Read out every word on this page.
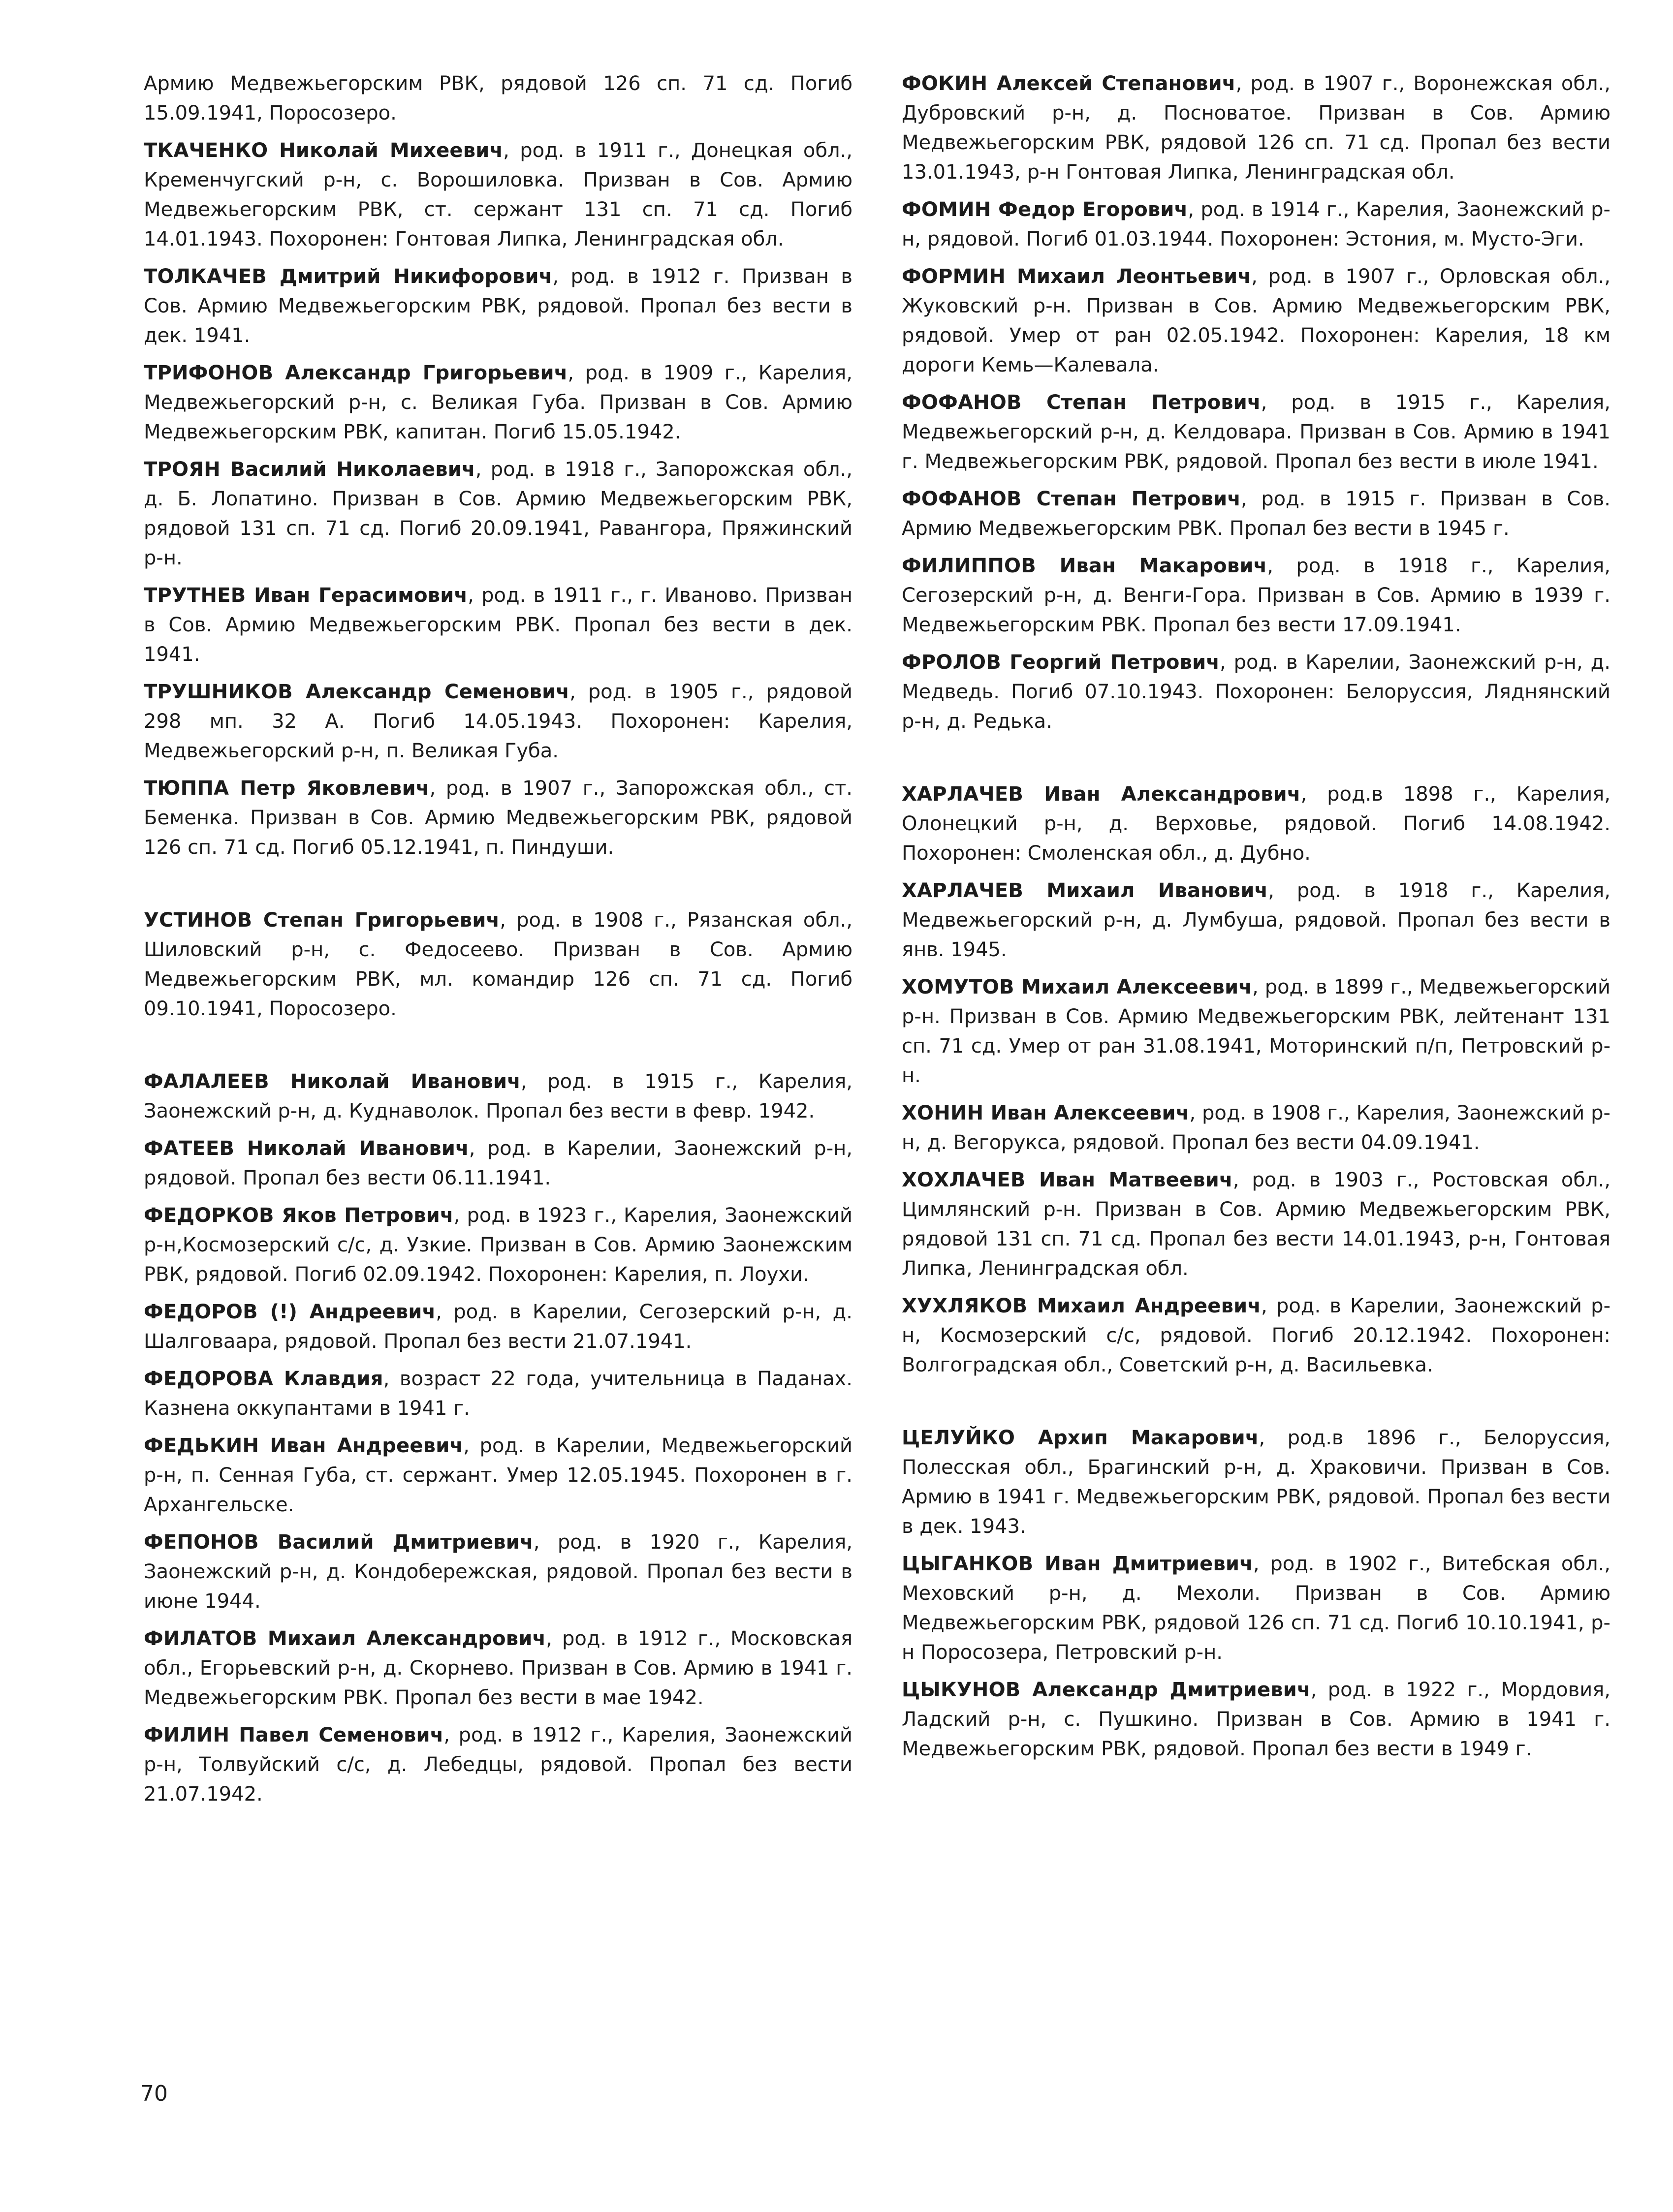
Армию Медвежьегорским РВК, рядовой 126 сп. 71 сд. Погиб 15.09.1941, Поросозеро.

ТКАЧЕНКО Николай Михеевич, род. в 1911 г., Донецкая обл., Кременчугский р-н, с. Ворошиловка. Призван в Сов. Армию Медвежьегорским РВК, ст. сержант 131 сп. 71 сд. Погиб 14.01.1943. Похоронен: Гонтовая Липка, Ленинградская обл.

ТОЛКАЧЕВ Дмитрий Никифорович, род. в 1912 г. Призван в Сов. Армию Медвежьегорским РВК, рядовой. Пропал без вести в дек. 1941.

ТРИФОНОВ Александр Григорьевич, род. в 1909 г., Карелия, Медвежьегорский р-н, с. Великая Губа. Призван в Сов. Армию Медвежьегорским РВК, капитан. Погиб 15.05.1942.

ТРОЯН Василий Николаевич, род. в 1918 г., Запорожская обл., д. Б. Лопатино. Призван в Сов. Армию Медвежьегорским РВК, рядовой 131 сп. 71 сд. Погиб 20.09.1941, Равангора, Пряжинский р-н.

ТРУТНЕВ Иван Герасимович, род. в 1911 г., г. Иваново. Призван в Сов. Армию Медвежьегорским РВК. Пропал без вести в дек. 1941.

ТРУШНИКОВ Александр Семенович, род. в 1905 г., рядовой 298 мп. 32 А. Погиб 14.05.1943. Похоронен: Карелия, Медвежьегорский р-н, п. Великая Губа.

ТЮППА Петр Яковлевич, род. в 1907 г., Запорожская обл., ст. Беменка. Призван в Сов. Армию Медвежьегорским РВК, рядовой 126 сп. 71 сд. Погиб 05.12.1941, п. Пиндуши.

УСТИНОВ Степан Григорьевич, род. в 1908 г., Рязанская обл., Шиловский р-н, с. Федосеево. Призван в Сов. Армию Медвежьегорским РВК, мл. командир 126 сп. 71 сд. Погиб 09.10.1941, Поросозеро.

ФАЛАЛЕЕВ Николай Иванович, род. в 1915 г., Карелия, Заонежский р-н, д. Куднаволок. Пропал без вести в февр. 1942.

ФАТЕЕВ Николай Иванович, род. в Карелии, Заонежский р-н, рядовой. Пропал без вести 06.11.1941.

ФЕДОРКОВ Яков Петрович, род. в 1923 г., Карелия, Заонежский р-н,Космозерский с/с, д. Узкие. Призван в Сов. Армию Заонежским РВК, рядовой. Погиб 02.09.1942. Похоронен: Карелия, п. Лоухи.

ФЕДОРОВ (!) Андреевич, род. в Карелии, Сегозерский р-н, д. Шалговаара, рядовой. Пропал без вести 21.07.1941.

ФЕДОРОВА Клавдия, возраст 22 года, учительница в Паданах. Казнена оккупантами в 1941 г.

ФЕДЬКИН Иван Андреевич, род. в Карелии, Медвежьегорский р-н, п. Сенная Губа, ст. сержант. Умер 12.05.1945. Похоронен в г. Архангельске.

ФЕПОНОВ Василий Дмитриевич, род. в 1920 г., Карелия, Заонежский р-н, д. Кондобережская, рядовой. Пропал без вести в июне 1944.

ФИЛАТОВ Михаил Александрович, род. в 1912 г., Московская обл., Егорьевский р-н, д. Скорнево. Призван в Сов. Армию в 1941 г. Медвежьегорским РВК. Пропал без вести в мае 1942.

ФИЛИН Павел Семенович, род. в 1912 г., Карелия, Заонежский р-н, Толвуйский с/с, д. Лебедцы, рядовой. Пропал без вести 21.07.1942.

ФОКИН Алексей Степанович, род. в 1907 г., Воронежская обл., Дубровский р-н, д. Посноватое. Призван в Сов. Армию Медвежьегорским РВК, рядовой 126 сп. 71 сд. Пропал без вести 13.01.1943, р-н Гонтовая Липка, Ленинградская обл.

ФОМИН Федор Егорович, род. в 1914 г., Карелия, Заонежский р-н, рядовой. Погиб 01.03.1944. Похоронен: Эстония, м. Мусто-Эги.

ФОРМИН Михаил Леонтьевич, род. в 1907 г., Орловская обл., Жуковский р-н. Призван в Сов. Армию Медвежьегорским РВК, рядовой. Умер от ран 02.05.1942. Похоронен: Карелия, 18 км дороги Кемь—Калевала.

ФОФАНОВ Степан Петрович, род. в 1915 г., Карелия, Медвежьегорский р-н, д. Келдовара. Призван в Сов. Армию в 1941 г. Медвежьегорским РВК, рядовой. Пропал без вести в июле 1941.

ФОФАНОВ Степан Петрович, род. в 1915 г. Призван в Сов. Армию Медвежьегорским РВК. Пропал без вести в 1945 г.

ФИЛИППОВ Иван Макарович, род. в 1918 г., Карелия, Сегозерский р-н, д. Венги-Гора. Призван в Сов. Армию в 1939 г. Медвежьегорским РВК. Пропал без вести 17.09.1941.

ФРОЛОВ Георгий Петрович, род. в Карелии, Заонежский р-н, д. Медведь. Погиб 07.10.1943. Похоронен: Белоруссия, Ляднянский р-н, д. Редька.

ХАРЛАЧЕВ Иван Александрович, род.в 1898 г., Карелия, Олонецкий р-н, д. Верховье, рядовой. Погиб 14.08.1942. Похоронен: Смоленская обл., д. Дубно.

ХАРЛАЧЕВ Михаил Иванович, род. в 1918 г., Карелия, Медвежьегорский р-н, д. Лумбуша, рядовой. Пропал без вести в янв. 1945.

ХОМУТОВ Михаил Алексеевич, род. в 1899 г., Медвежьегорский р-н. Призван в Сов. Армию Медвежьегорским РВК, лейтенант 131 сп. 71 сд. Умер от ран 31.08.1941, Моторинский п/п, Петровский р-н.

ХОНИН Иван Алексеевич, род. в 1908 г., Карелия, Заонежский р-н, д. Вегорукса, рядовой. Пропал без вести 04.09.1941.

ХОХЛАЧЕВ Иван Матвеевич, род. в 1903 г., Ростовская обл., Цимлянский р-н. Призван в Сов. Армию Медвежьегорским РВК, рядовой 131 сп. 71 сд. Пропал без вести 14.01.1943, р-н, Гонтовая Липка, Ленинградская обл.

ХУХЛЯКОВ Михаил Андреевич, род. в Карелии, Заонежский р-н, Космозерский с/с, рядовой. Погиб 20.12.1942. Похоронен: Волгоградская обл., Советский р-н, д. Васильевка.

ЦЕЛУЙКО Архип Макарович, род.в 1896 г., Белоруссия, Полесская обл., Брагинский р-н, д. Храковичи. Призван в Сов. Армию в 1941 г. Медвежьегорским РВК, рядовой. Пропал без вести в дек. 1943.

ЦЫГАНКОВ Иван Дмитриевич, род. в 1902 г., Витебская обл., Меховский р-н, д. Мехоли. Призван в Сов. Армию Медвежьегорским РВК, рядовой 126 сп. 71 сд. Погиб 10.10.1941, р-н Поросозера, Петровский р-н.

ЦЫКУНОВ Александр Дмитриевич, род. в 1922 г., Мордовия, Ладский р-н, с. Пушкино. Призван в Сов. Армию в 1941 г. Медвежьегорским РВК, рядовой. Пропал без вести в 1949 г.

70
